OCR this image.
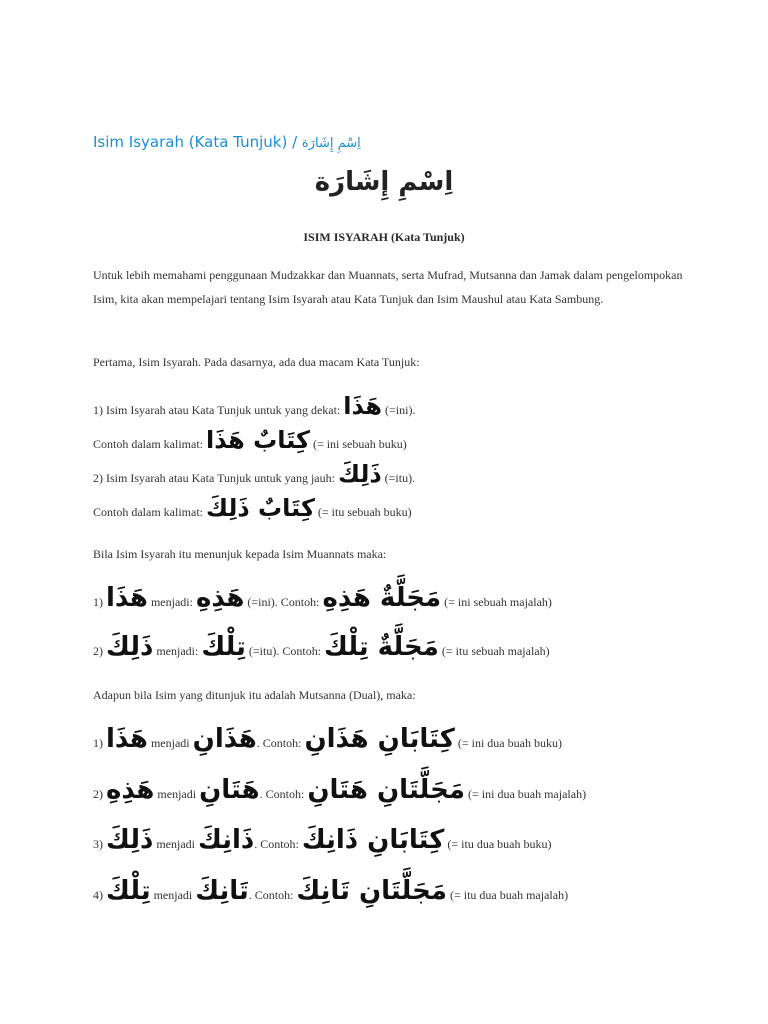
Isim Isyarah (Kata Tunjuk) / اِسْمِ إِشَارَة
اِسْمِ إِشَارَة
ISIM ISYARAH (Kata Tunjuk)
Untuk lebih memahami penggunaan Mudzakkar dan Muannats, serta Mufrad, Mutsanna dan Jamak dalam pengelompokan Isim, kita akan mempelajari tentang Isim Isyarah atau Kata Tunjuk dan Isim Maushul atau Kata Sambung.
Pertama, Isim Isyarah. Pada dasarnya, ada dua macam Kata Tunjuk:
1) Isim Isyarah atau Kata Tunjuk untuk yang dekat: هَذَا (=ini).
Contoh dalam kalimat: كِتَابٌ هَذَا (= ini sebuah buku)
2) Isim Isyarah atau Kata Tunjuk untuk yang jauh: ذَلِكَ (=itu).
Contoh dalam kalimat: كِتَابٌ ذَلِكَ (= itu sebuah buku)
Bila Isim Isyarah itu menunjuk kepada Isim Muannats maka:
1) هَذَا menjadi: هَذِهِ (=ini). Contoh: مَجَلَّةٌ هَذِهِ (= ini sebuah majalah)
2) ذَلِكَ menjadi: تِلْكَ (=itu). Contoh: مَجَلَّةٌ تِلْكَ (= itu sebuah majalah)
Adapun bila Isim yang ditunjuk itu adalah Mutsanna (Dual), maka:
1) هَذَا menjadi هَذَانِ. Contoh: كِتَابَانِ هَذَانِ (= ini dua buah buku)
2) هَذِهِ menjadi هَتَانِ. Contoh: مَجَلَّتَانِ هَتَانِ (= ini dua buah majalah)
3) ذَلِكَ menjadi ذَانِكَ. Contoh: كِتَابَانِ ذَانِكَ (= itu dua buah buku)
4) تِلْكَ menjadi تَانِكَ. Contoh: مَجَلَّتَانِ تَانِكَ (= itu dua buah majalah)
